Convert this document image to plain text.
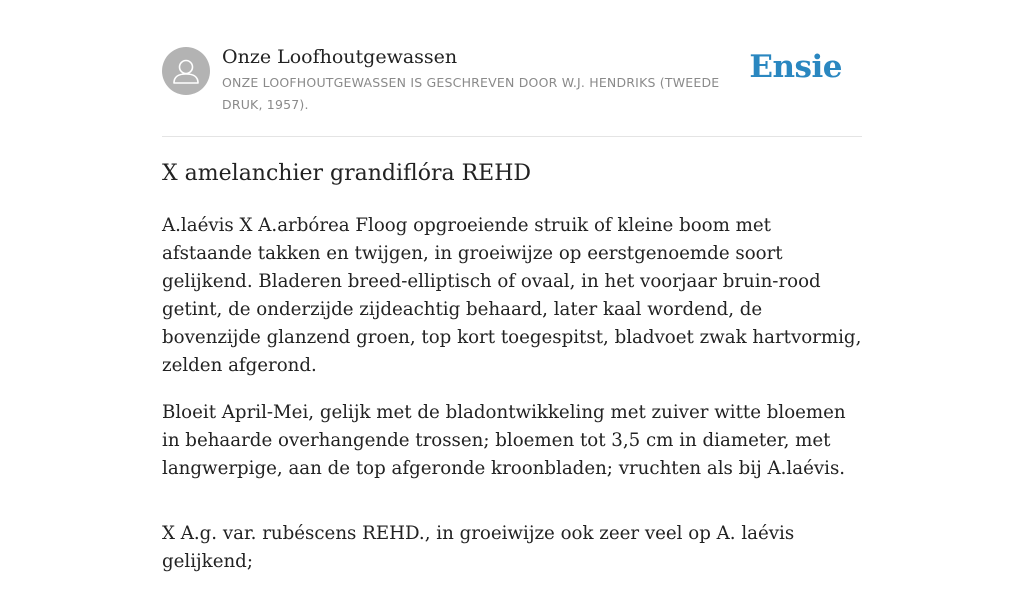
Onze Loofhoutgewassen
ONZE LOOFHOUTGEWASSEN IS GESCHREVEN DOOR W.J. HENDRIKS (TWEEDE DRUK, 1957).
Ensie
X amelanchier grandiflóra REHD

A.laévis X A.arbórea Floog opgroeiende struik of kleine boom met afstaande takken en twijgen, in groeiwijze op eerstgenoemde soort gelijkend. Bladeren breed-elliptisch of ovaal, in het voorjaar bruin-rood getint, de onderzijde zijdeachtig behaard, later kaal wordend, de bovenzijde glanzend groen, top kort toegespitst, bladvoet zwak hartvormig, zelden afgerond.

Bloeit April-Mei, gelijk met de bladontwikkeling met zuiver witte bloemen in behaarde overhangende trossen; bloemen tot 3,5 cm in diameter, met langwerpige, aan de top afgeronde kroonbladen; vruchten als bij A.laévis.

X A.g. var. rubéscens REHD., in groeiwijze ook zeer veel op A. laévis gelijkend;
